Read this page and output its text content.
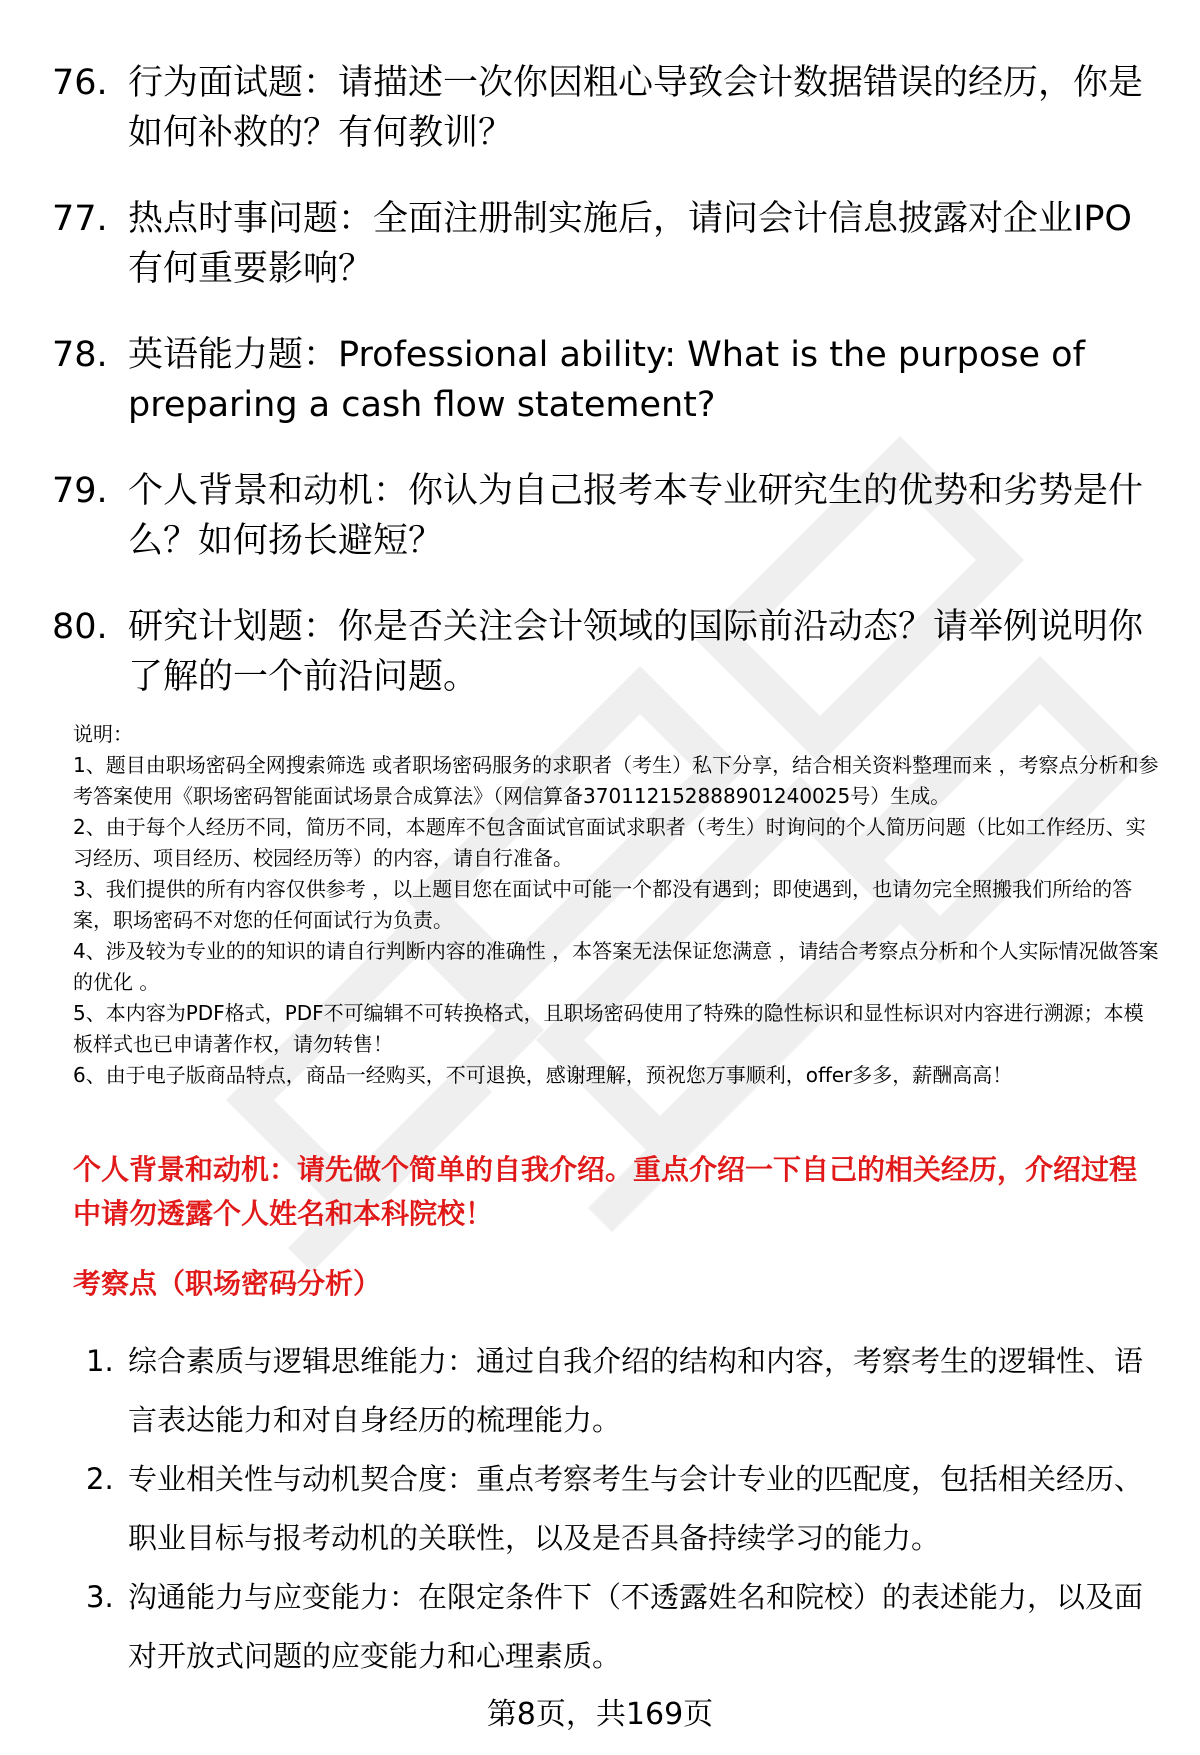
76. 行为面试题：请描述一次你因粗心导致会计数据错误的经历，你是如何补救的？有何教训？
77. 热点时事问题：全面注册制实施后，请问会计信息披露对企业IPO有何重要影响？
78. 英语能力题：Professional ability: What is the purpose of preparing a cash flow statement?
79. 个人背景和动机：你认为自己报考本专业研究生的优势和劣势是什么？如何扬长避短？
80. 研究计划题：你是否关注会计领域的国际前沿动态？请举例说明你了解的一个前沿问题。

说明：

1、题目由职场密码全网搜索筛选 或者职场密码服务的求职者（考生）私下分享，结合相关资料整理而来 ，考察点分析和参考答案使用《职场密码智能面试场景合成算法》（网信算备370112152888901240025号）生成。

2、由于每个人经历不同，简历不同，本题库不包含面试官面试求职者（考生）时询问的个人简历问题（比如工作经历、实习经历、项目经历、校园经历等）的内容，请自行准备。

3、我们提供的所有内容仅供参考 ，以上题目您在面试中可能一个都没有遇到；即使遇到，也请勿完全照搬我们所给的答案，职场密码不对您的任何面试行为负责。

4、涉及较为专业的的知识的请自行判断内容的准确性 ，本答案无法保证您满意 ，请结合考察点分析和个人实际情况做答案的优化 。

5、本内容为PDF格式，PDF不可编辑不可转换格式，且职场密码使用了特殊的隐性标识和显性标识对内容进行溯源；本模板样式也已申请著作权，请勿转售！

6、由于电子版商品特点，商品一经购买，不可退换，感谢理解，预祝您万事顺利，offer多多，薪酬高高！

个人背景和动机：请先做个简单的自我介绍。重点介绍一下自己的相关经历，介绍过程中请勿透露个人姓名和本科院校！
考察点（职场密码分析）
1. 综合素质与逻辑思维能力：通过自我介绍的结构和内容，考察考生的逻辑性、语言表达能力和对自身经历的梳理能力。
2. 专业相关性与动机契合度：重点考察考生与会计专业的匹配度，包括相关经历、职业目标与报考动机的关联性，以及是否具备持续学习的能力。
3. 沟通能力与应变能力：在限定条件下（不透露姓名和院校）的表述能力，以及面对开放式问题的应变能力和心理素质。
第8页，共169页
